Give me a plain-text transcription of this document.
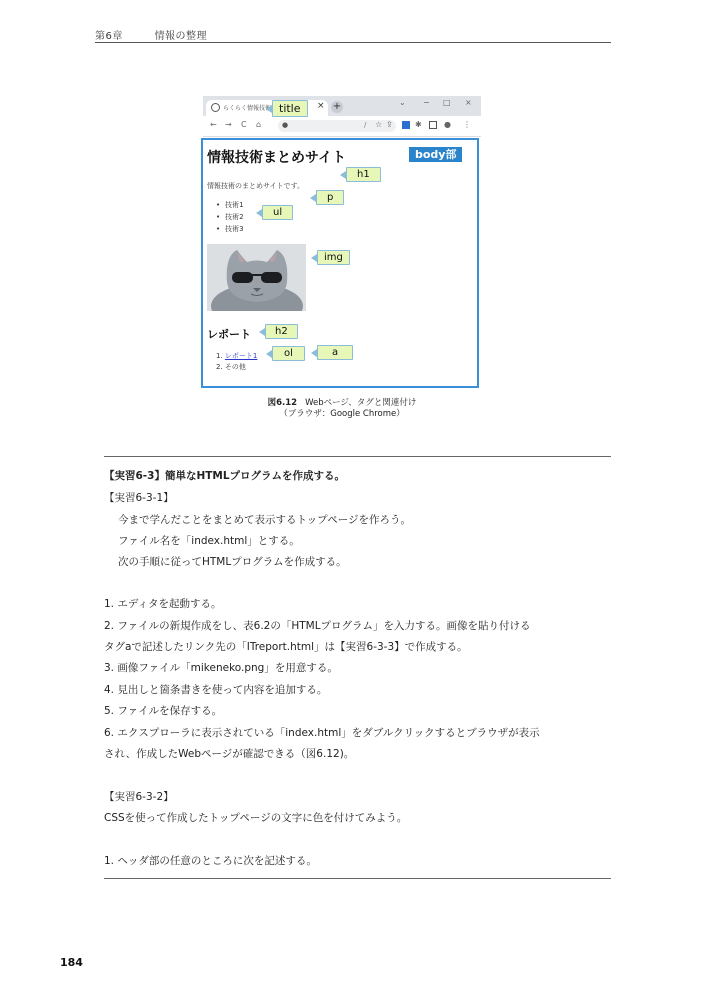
第6章	情報の整理
らくらく情報技術	× +	⌄ − □ ×
← → C ⌂	●	/ ⇪
☆	✱	● ⋮
情報技術まとめサイト
情報技術のまとめサイトです。
• 技術1
• 技術2
• 技術3
レポート
1. レポート1
2. その他
title
body部
h1
p
ul
img
h2
ol	a
図6.12 Webページ、タグと関連付け
（ブラウザ：Google Chrome）
【実習6-3】簡単なHTMLプログラムを作成する。
【実習6-3-1】
今まで学んだことをまとめて表示するトップページを作ろう。
ファイル名を「index.html」とする。
次の手順に従ってHTMLプログラムを作成する。
1. エディタを起動する。
2. ファイルの新規作成をし、表6.2の「HTMLプログラム」を入力する。画像を貼り付ける
タグaで記述したリンク先の「ITreport.html」は【実習6-3-3】で作成する。
3. 画像ファイル「mikeneko.png」を用意する。
4. 見出しと箇条書きを使って内容を追加する。
5. ファイルを保存する。
6. エクスプローラに表示されている「index.html」をダブルクリックするとブラウザが表示
され、作成したWebページが確認できる（図6.12)。
【実習6-3-2】
CSSを使って作成したトップページの文字に色を付けてみよう。
1. ヘッダ部の任意のところに次を記述する。
184
